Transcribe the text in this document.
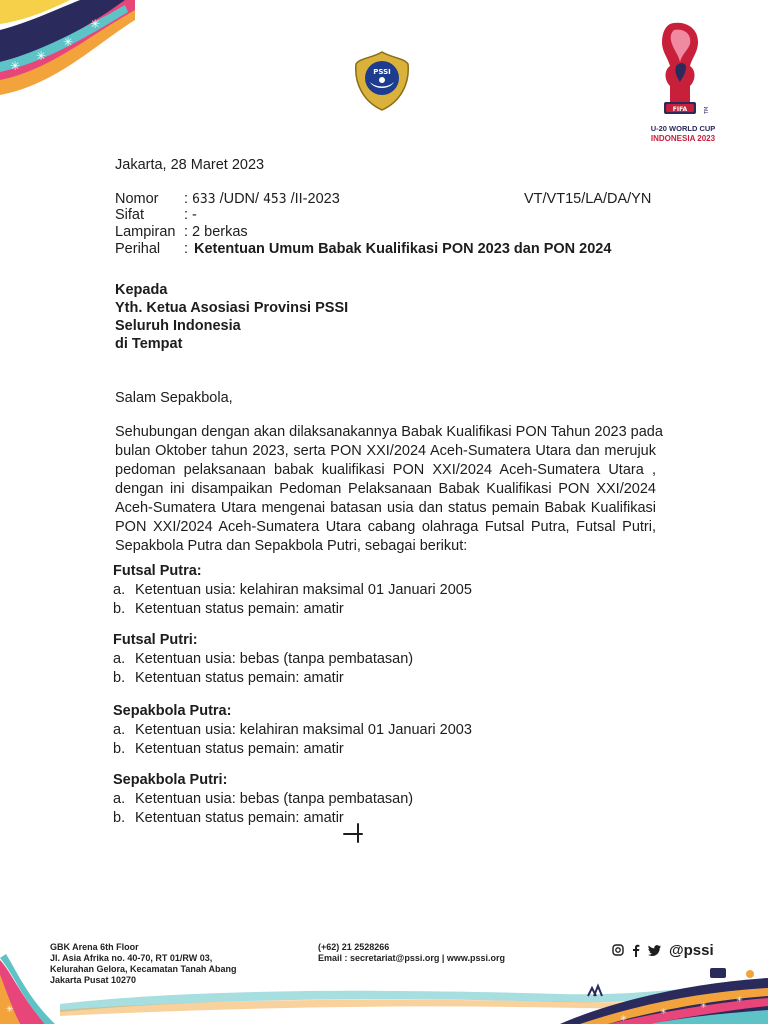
✳
✳
✳
✳
PSSI
FIFA	TM
U-20 WORLD CUP
INDONESIA 2023
Jakarta, 28 Maret 2023
Nomor : 633 /UDN/ 453 /II-2023	VT/VT15/LA/DA/YN
Sifat	: -
Lampiran : 2 berkas
Perihal : Ketentuan Umum Babak Kualifikasi PON 2023 dan PON 2024
Kepada
Yth. Ketua Asosiasi Provinsi PSSI
Seluruh Indonesia
di Tempat
Salam Sepakbola,
Sehubungan dengan akan dilaksanakannya Babak Kualifikasi PON Tahun 2023 pada
bulan Oktober tahun 2023, serta PON XXI/2024 Aceh-Sumatera Utara dan merujuk
pedoman pelaksanaan babak kualifikasi PON XXI/2024 Aceh-Sumatera Utara ,
dengan ini disampaikan Pedoman Pelaksanaan Babak Kualifikasi PON XXI/2024
Aceh-Sumatera Utara mengenai batasan usia dan status pemain Babak Kualifikasi
PON XXI/2024 Aceh-Sumatera Utara cabang olahraga Futsal Putra, Futsal Putri,
Sepakbola Putra dan Sepakbola Putri, sebagai berikut:
Futsal Putra:
a. Ketentuan usia: kelahiran maksimal 01 Januari 2005
b. Ketentuan status pemain: amatir
Futsal Putri:
a. Ketentuan usia: bebas (tanpa pembatasan)
b. Ketentuan status pemain: amatir
Sepakbola Putra:
a. Ketentuan usia: kelahiran maksimal 01 Januari 2003
b. Ketentuan status pemain: amatir
Sepakbola Putri:
a. Ketentuan usia: bebas (tanpa pembatasan)
b. Ketentuan status pemain: amatir
GBK Arena 6th Floor
Jl. Asia Afrika no. 40-70, RT 01/RW 03,
Kelurahan Gelora, Kecamatan Tanah Abang
Jakarta Pusat 10270
(+62) 21 2528266
Email : secretariat@pssi.org | www.pssi.org	@pssi
✳
✳
✳
✳
✳
